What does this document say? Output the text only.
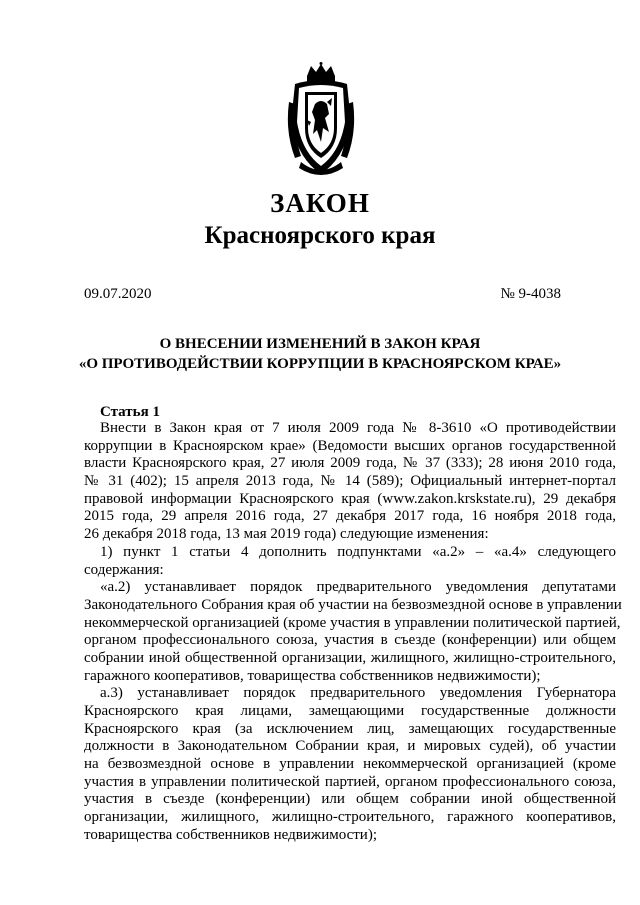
ЗАКОН
Красноярского края
09.07.2020	№ 9-4038
О ВНЕСЕНИИ ИЗМЕНЕНИЙ В ЗАКОН КРАЯ
«О ПРОТИВОДЕЙСТВИИ КОРРУПЦИИ В КРАСНОЯРСКОМ КРАЕ»
Статья 1
Внести в Закон края от 7 июля 2009 года № 8-3610 «О противодействии
коррупции в Красноярском крае» (Ведомости высших органов государственной
власти Красноярского края, 27 июля 2009 года, № 37 (333); 28 июня 2010 года,
№ 31 (402); 15 апреля 2013 года, № 14 (589); Официальный интернет-портал
правовой информации Красноярского края (www.zakon.krskstate.ru), 29 декабря
2015 года, 29 апреля 2016 года, 27 декабря 2017 года, 16 ноября 2018 года,
26 декабря 2018 года, 13 мая 2019 года) следующие изменения:
1) пункт 1 статьи 4 дополнить подпунктами «а.2» – «а.4» следующего
содержания:
«а.2) устанавливает порядок предварительного уведомления депутатами
Законодательного Собрания края об участии на безвозмездной основе в управлении
некоммерческой организацией (кроме участия в управлении политической партией,
органом профессионального союза, участия в съезде (конференции) или общем
собрании иной общественной организации, жилищного, жилищно-строительного,
гаражного кооперативов, товарищества собственников недвижимости);
а.3) устанавливает порядок предварительного уведомления Губернатора
Красноярского края лицами, замещающими государственные должности
Красноярского края (за исключением лиц, замещающих государственные
должности в Законодательном Собрании края, и мировых судей), об участии
на безвозмездной основе в управлении некоммерческой организацией (кроме
участия в управлении политической партией, органом профессионального союза,
участия в съезде (конференции) или общем собрании иной общественной
организации, жилищного, жилищно-строительного, гаражного кооперативов,
товарищества собственников недвижимости);
